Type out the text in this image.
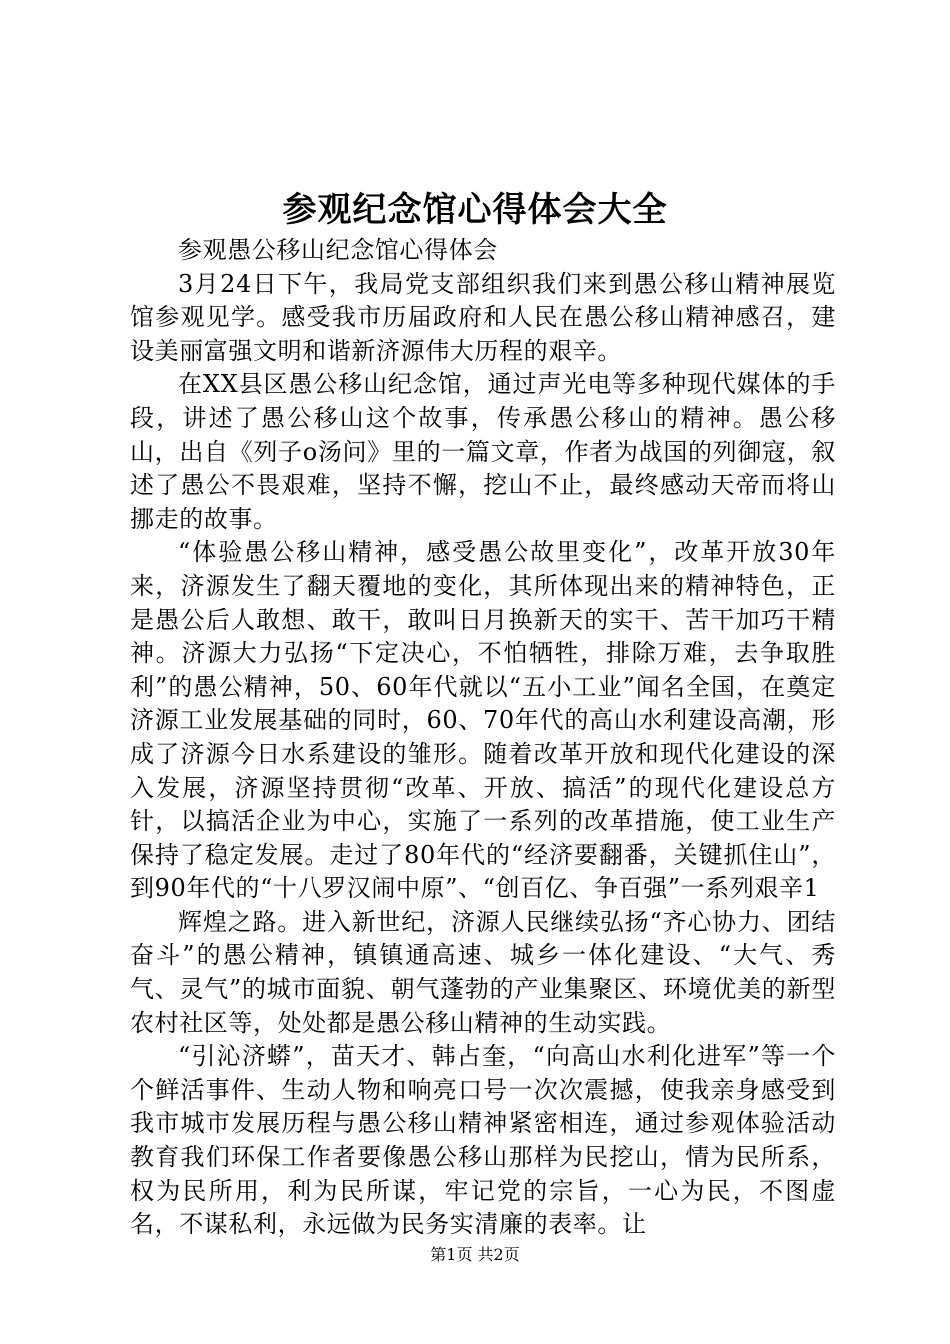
参观纪念馆心得体会大全

参观愚公移山纪念馆心得体会

3月24日下午，我局党支部组织我们来到愚公移山精神展览馆参观见学。感受我市历届政府和人民在愚公移山精神感召，建设美丽富强文明和谐新济源伟大历程的艰辛。

在XX县区愚公移山纪念馆，通过声光电等多种现代媒体的手段，讲述了愚公移山这个故事，传承愚公移山的精神。愚公移山，出自《列子o汤问》里的一篇文章，作者为战国的列御寇，叙述了愚公不畏艰难，坚持不懈，挖山不止，最终感动天帝而将山挪走的故事。

“体验愚公移山精神，感受愚公故里变化”，改革开放30年来，济源发生了翻天覆地的变化，其所体现出来的精神特色，正是愚公后人敢想、敢干，敢叫日月换新天的实干、苦干加巧干精神。济源大力弘扬“下定决心，不怕牺牲，排除万难，去争取胜利”的愚公精神，50、60年代就以“五小工业”闻名全国，在奠定济源工业发展基础的同时，60、70年代的高山水利建设高潮，形成了济源今日水系建设的雏形。随着改革开放和现代化建设的深入发展，济源坚持贯彻“改革、开放、搞活”的现代化建设总方针，以搞活企业为中心，实施了一系列的改革措施，使工业生产保持了稳定发展。走过了80年代的“经济要翻番，关键抓住山”，到90年代的“十八罗汉闹中原”、“创百亿、争百强”一系列艰辛1

辉煌之路。进入新世纪，济源人民继续弘扬“齐心协力、团结奋斗”的愚公精神，镇镇通高速、城乡一体化建设、“大气、秀气、灵气”的城市面貌、朝气蓬勃的产业集聚区、环境优美的新型农村社区等，处处都是愚公移山精神的生动实践。

“引沁济蟒”，苗天才、韩占奎，“向高山水利化进军”等一个个鲜活事件、生动人物和响亮口号一次次震撼，使我亲身感受到我市城市发展历程与愚公移山精神紧密相连，通过参观体验活动教育我们环保工作者要像愚公移山那样为民挖山，情为民所系，权为民所用，利为民所谋，牢记党的宗旨，一心为民，不图虚名，不谋私利，永远做为民务实清廉的表率。让

第1页 共2页
